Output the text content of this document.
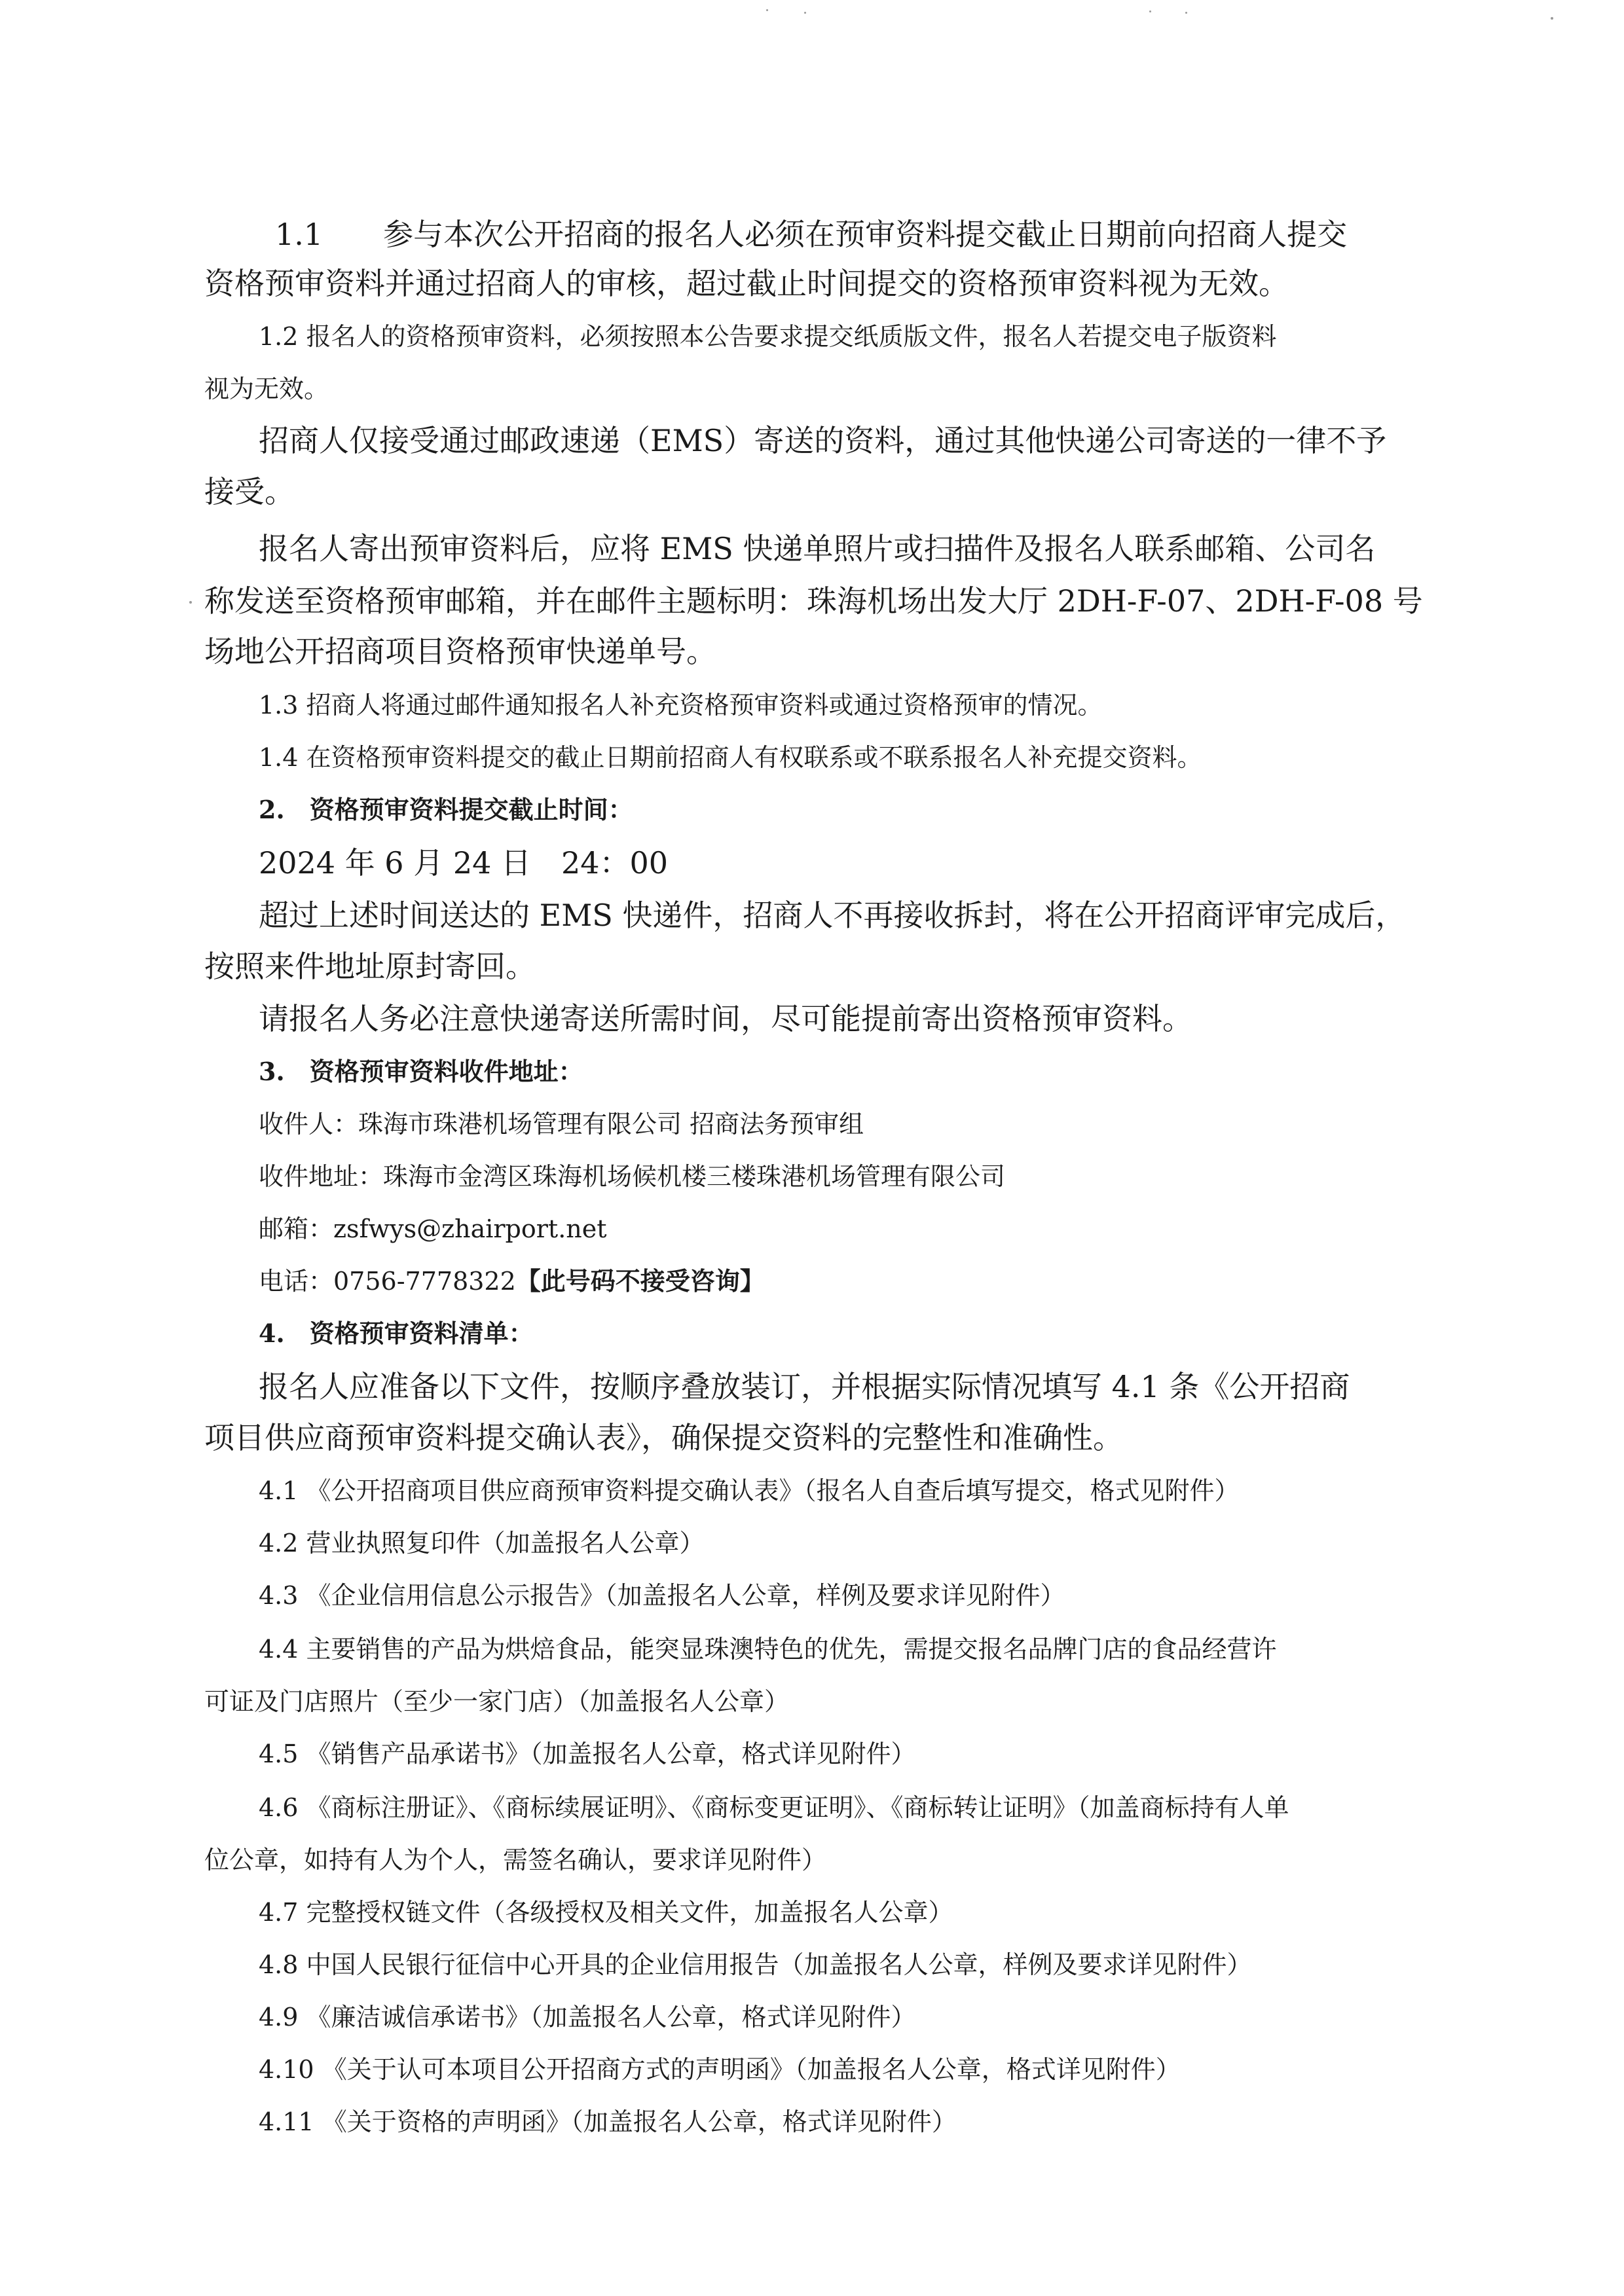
1.1　　参与本次公开招商的报名人必须在预审资料提交截止日期前向招商人提交
资格预审资料并通过招商人的审核，超过截止时间提交的资格预审资料视为无效。
1.2 报名人的资格预审资料，必须按照本公告要求提交纸质版文件，报名人若提交电子版资料
视为无效。
招商人仅接受通过邮政速递（EMS）寄送的资料，通过其他快递公司寄送的一律不予
接受。
报名人寄出预审资料后，应将 EMS 快递单照片或扫描件及报名人联系邮箱、公司名
称发送至资格预审邮箱，并在邮件主题标明：珠海机场出发大厅 2DH-F-07、2DH-F-08 号
场地公开招商项目资格预审快递单号。
1.3 招商人将通过邮件通知报名人补充资格预审资料或通过资格预审的情况。
1.4 在资格预审资料提交的截止日期前招商人有权联系或不联系报名人补充提交资料。
2.　资格预审资料提交截止时间：
2024 年 6 月 24 日　24：00
超过上述时间送达的 EMS 快递件，招商人不再接收拆封，将在公开招商评审完成后，
按照来件地址原封寄回。
请报名人务必注意快递寄送所需时间，尽可能提前寄出资格预审资料。
3.　资格预审资料收件地址：
收件人：珠海市珠港机场管理有限公司 招商法务预审组
收件地址：珠海市金湾区珠海机场候机楼三楼珠港机场管理有限公司
邮箱：zsfwys@zhairport.net
电话：0756-7778322【此号码不接受咨询】
4.　资格预审资料清单：
报名人应准备以下文件，按顺序叠放装订，并根据实际情况填写 4.1 条《公开招商
项目供应商预审资料提交确认表》，确保提交资料的完整性和准确性。
4.1 《公开招商项目供应商预审资料提交确认表》（报名人自查后填写提交，格式见附件）
4.2 营业执照复印件（加盖报名人公章）
4.3 《企业信用信息公示报告》（加盖报名人公章，样例及要求详见附件）
4.4 主要销售的产品为烘焙食品，能突显珠澳特色的优先，需提交报名品牌门店的食品经营许
可证及门店照片（至少一家门店）（加盖报名人公章）
4.5 《销售产品承诺书》（加盖报名人公章，格式详见附件）
4.6 《商标注册证》、《商标续展证明》、《商标变更证明》、《商标转让证明》（加盖商标持有人单
位公章，如持有人为个人，需签名确认，要求详见附件）
4.7 完整授权链文件（各级授权及相关文件，加盖报名人公章）
4.8 中国人民银行征信中心开具的企业信用报告（加盖报名人公章，样例及要求详见附件）
4.9 《廉洁诚信承诺书》（加盖报名人公章，格式详见附件）
4.10 《关于认可本项目公开招商方式的声明函》（加盖报名人公章，格式详见附件）
4.11 《关于资格的声明函》（加盖报名人公章，格式详见附件）
